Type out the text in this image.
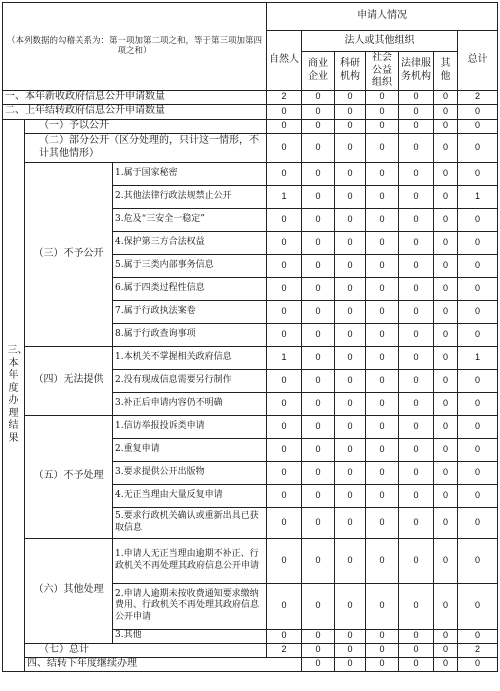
（本列数据的勾稽关系为：第一项加第二项之和，等于第三项加第四项之和）			申请人情况							
			自然人	法人或其他组织					总计	
				商业企业	科研机构	社会公益组织	法律服务机构	其他		
一、本年新收政府信息公开申请数量			2	0	0	0	0	0	2	
二、上年结转政府信息公开申请数量			0	0	0	0	0	0	0	

三、本年度办理结果	（一）予以公开		0	0	0	0	0	0	0	
	（二）部分公开（区分处理的，只计这一情形，不计其他情形）		0	0	0	0	0	0	0	
	（三）不予公开	1.属于国家秘密	0	0	0	0	0	0	0	
		2.其他法律行政法规禁止公开	1	0	0	0	0	0	1	
		3.危及“三安全一稳定”	0	0	0	0	0	0	0	
		4.保护第三方合法权益	0	0	0	0	0	0	0	
		5.属于三类内部事务信息	0	0	0	0	0	0	0	
		6.属于四类过程性信息	0	0	0	0	0	0	0	
		7.属于行政执法案卷	0	0	0	0	0	0	0	
		8.属于行政查询事项	0	0	0	0	0	0	0	
	（四）无法提供	1.本机关不掌握相关政府信息	1	0	0	0	0	0	1	
		2.没有现成信息需要另行制作	0	0	0	0	0	0	0	
		3.补正后申请内容仍不明确	0	0	0	0	0	0	0	
	（五）不予处理	1.信访举报投诉类申请	0	0	0	0	0	0	0	
		2.重复申请	0	0	0	0	0	0	0	
		3.要求提供公开出版物	0	0	0	0	0	0	0	
		4.无正当理由大量反复申请	0	0	0	0	0	0	0	
		5.要求行政机关确认或重新出具已获取信息	0	0	0	0	0	0	0	
	（六）其他处理	1.申请人无正当理由逾期不补正、行政机关不再处理其政府信息公开申请	0	0	0	0	0	0	0	
		2.申请人逾期未按收费通知要求缴纳费用、行政机关不再处理其政府信息公开申请	0	0	0	0	0	0	0	
		3.其他	0	0	0	0	0	0	0	
	（七）总计		2	0	0	0	0	0	2	
	四、结转下年度继续办理			0	0	0	0	0	0	
